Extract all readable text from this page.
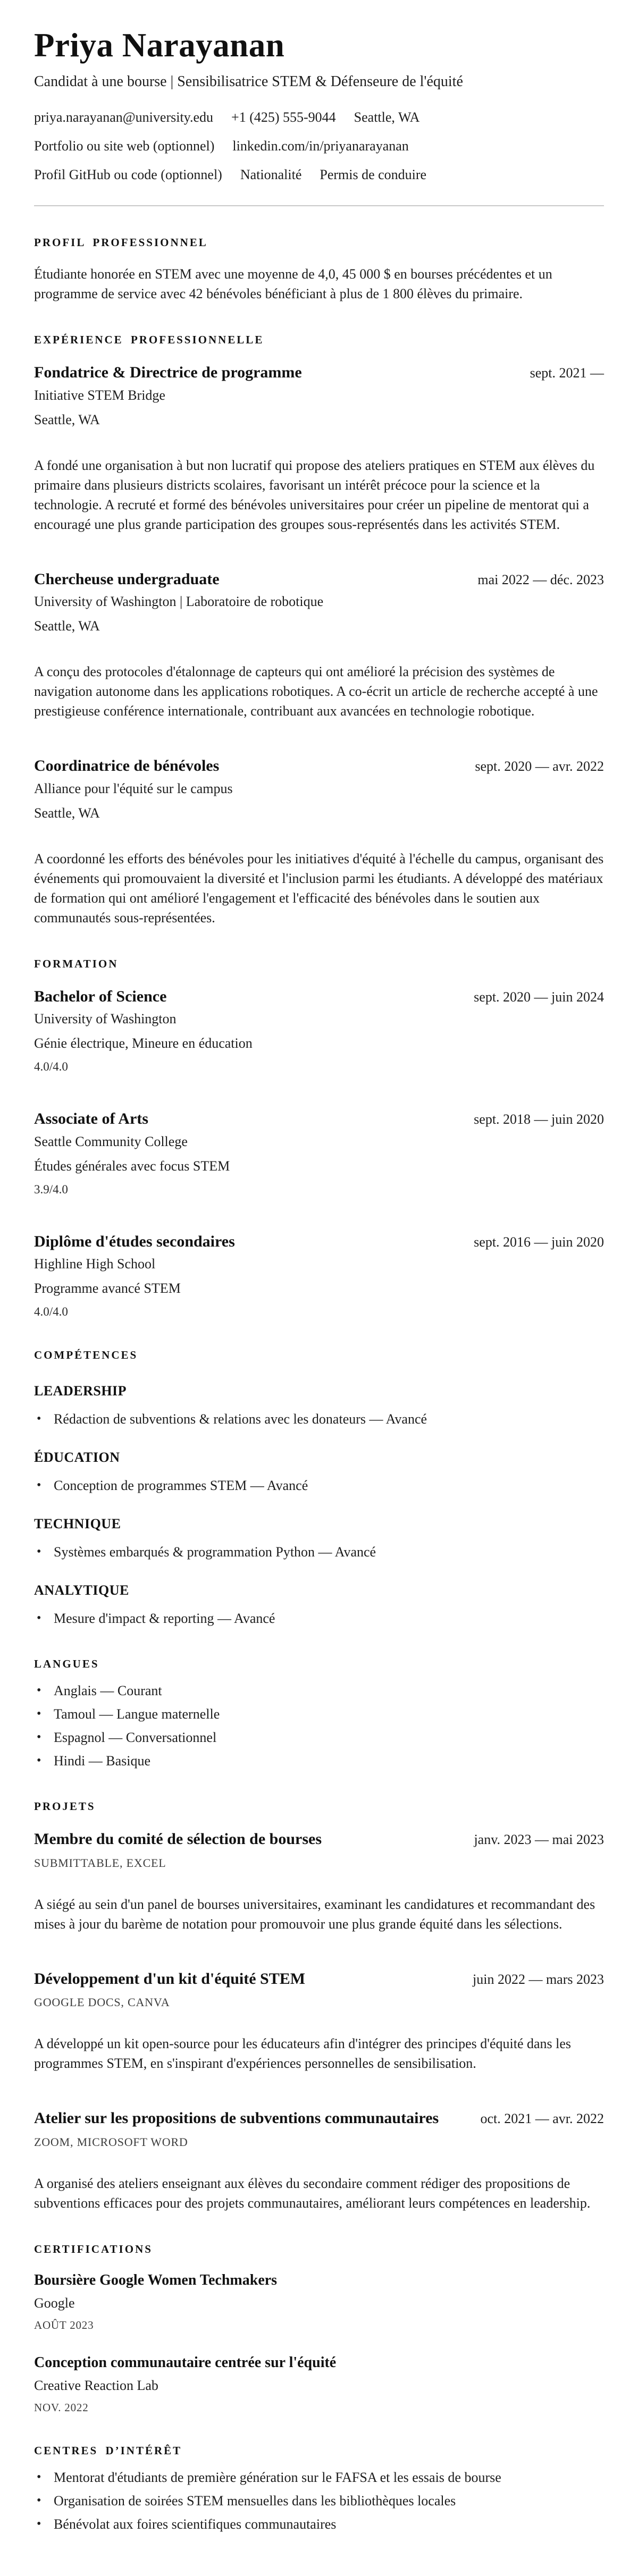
Priya Narayanan
Candidat à une bourse | Sensibilisatrice STEM & Défenseure de l'équité
priya.narayanan@university.edu +1 (425) 555-9044 Seattle, WA
Portfolio ou site web (optionnel) linkedin.com/in/priyanarayanan
Profil GitHub ou code (optionnel) Nationalité Permis de conduire
PROFIL PROFESSIONNEL

Étudiante honorée en STEM avec une moyenne de 4,0, 45 000 $ en bourses précédentes et un programme de service avec 42 bénévoles bénéficiant à plus de 1 800 élèves du primaire.

EXPÉRIENCE PROFESSIONNELLE
Fondatrice & Directrice de programme	sept. 2021 —
Initiative STEM Bridge
Seattle, WA

A fondé une organisation à but non lucratif qui propose des ateliers pratiques en STEM aux élèves du primaire dans plusieurs districts scolaires, favorisant un intérêt précoce pour la science et la technologie. A recruté et formé des bénévoles universitaires pour créer un pipeline de mentorat qui a encouragé une plus grande participation des groupes sous-représentés dans les activités STEM.

Chercheuse undergraduate	mai 2022 — déc. 2023
University of Washington | Laboratoire de robotique
Seattle, WA

A conçu des protocoles d'étalonnage de capteurs qui ont amélioré la précision des systèmes de navigation autonome dans les applications robotiques. A co-écrit un article de recherche accepté à une prestigieuse conférence internationale, contribuant aux avancées en technologie robotique.

Coordinatrice de bénévoles	sept. 2020 — avr. 2022
Alliance pour l'équité sur le campus
Seattle, WA

A coordonné les efforts des bénévoles pour les initiatives d'équité à l'échelle du campus, organisant des événements qui promouvaient la diversité et l'inclusion parmi les étudiants. A développé des matériaux de formation qui ont amélioré l'engagement et l'efficacité des bénévoles dans le soutien aux communautés sous-représentées.

FORMATION
Bachelor of Science	sept. 2020 — juin 2024
University of Washington
Génie électrique, Mineure en éducation
4.0/4.0
Associate of Arts	sept. 2018 — juin 2020
Seattle Community College
Études générales avec focus STEM
3.9/4.0
Diplôme d'études secondaires	sept. 2016 — juin 2020
Highline High School
Programme avancé STEM
4.0/4.0
COMPÉTENCES
LEADERSHIP
• Rédaction de subventions & relations avec les donateurs — Avancé
ÉDUCATION
• Conception de programmes STEM — Avancé
TECHNIQUE
• Systèmes embarqués & programmation Python — Avancé
ANALYTIQUE
• Mesure d'impact & reporting — Avancé
LANGUES
• Anglais — Courant
• Tamoul — Langue maternelle
• Espagnol — Conversationnel
• Hindi — Basique
PROJETS
Membre du comité de sélection de bourses	janv. 2023 — mai 2023
SUBMITTABLE, EXCEL

A siégé au sein d'un panel de bourses universitaires, examinant les candidatures et recommandant des mises à jour du barème de notation pour promouvoir une plus grande équité dans les sélections.

Développement d'un kit d'équité STEM	juin 2022 — mars 2023
GOOGLE DOCS, CANVA

A développé un kit open-source pour les éducateurs afin d'intégrer des principes d'équité dans les programmes STEM, en s'inspirant d'expériences personnelles de sensibilisation.

Atelier sur les propositions de subventions communautaires	oct. 2021 — avr. 2022
ZOOM, MICROSOFT WORD

A organisé des ateliers enseignant aux élèves du secondaire comment rédiger des propositions de subventions efficaces pour des projets communautaires, améliorant leurs compétences en leadership.

CERTIFICATIONS
Boursière Google Women Techmakers
Google
AOÛT 2023
Conception communautaire centrée sur l'équité
Creative Reaction Lab
NOV. 2022
CENTRES D’INTÉRÊT
• Mentorat d'étudiants de première génération sur le FAFSA et les essais de bourse
• Organisation de soirées STEM mensuelles dans les bibliothèques locales
• Bénévolat aux foires scientifiques communautaires
